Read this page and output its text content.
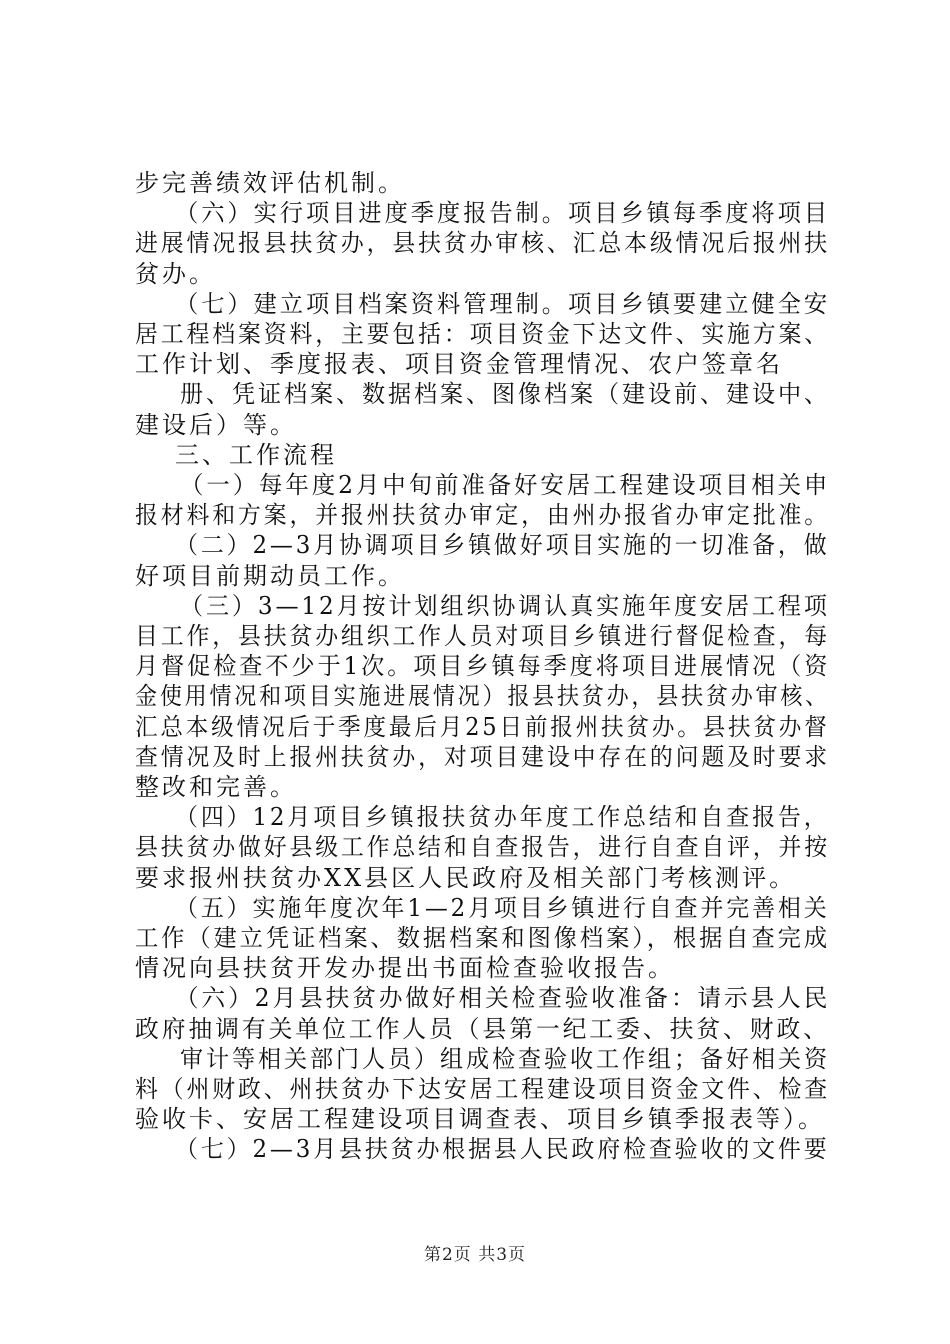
步完善绩效评估机制。
（六）实行项目进度季度报告制。项目乡镇每季度将项目
进展情况报县扶贫办，县扶贫办审核、汇总本级情况后报州扶
贫办。
（七）建立项目档案资料管理制。项目乡镇要建立健全安
居工程档案资料，主要包括：项目资金下达文件、实施方案、
工作计划、季度报表、项目资金管理情况、农户签章名
册、凭证档案、数据档案、图像档案（建设前、建设中、
建设后）等。
三、工作流程
（一）每年度2月中旬前准备好安居工程建设项目相关申
报材料和方案，并报州扶贫办审定，由州办报省办审定批准。
（二）2—3月协调项目乡镇做好项目实施的一切准备，做
好项目前期动员工作。
（三）3—12月按计划组织协调认真实施年度安居工程项
目工作，县扶贫办组织工作人员对项目乡镇进行督促检查，每
月督促检查不少于1次。项目乡镇每季度将项目进展情况（资
金使用情况和项目实施进展情况）报县扶贫办，县扶贫办审核、
汇总本级情况后于季度最后月25日前报州扶贫办。县扶贫办督
查情况及时上报州扶贫办，对项目建设中存在的问题及时要求
整改和完善。
（四）12月项目乡镇报扶贫办年度工作总结和自查报告，
县扶贫办做好县级工作总结和自查报告，进行自查自评，并按
要求报州扶贫办XX县区人民政府及相关部门考核测评。
（五）实施年度次年1—2月项目乡镇进行自查并完善相关
工作（建立凭证档案、数据档案和图像档案），根据自查完成
情况向县扶贫开发办提出书面检查验收报告。
（六）2月县扶贫办做好相关检查验收准备：请示县人民
政府抽调有关单位工作人员（县第一纪工委、扶贫、财政、
审计等相关部门人员）组成检查验收工作组；备好相关资
料（州财政、州扶贫办下达安居工程建设项目资金文件、检查
验收卡、安居工程建设项目调查表、项目乡镇季报表等）。
（七）2—3月县扶贫办根据县人民政府检查验收的文件要
第2页 共3页
